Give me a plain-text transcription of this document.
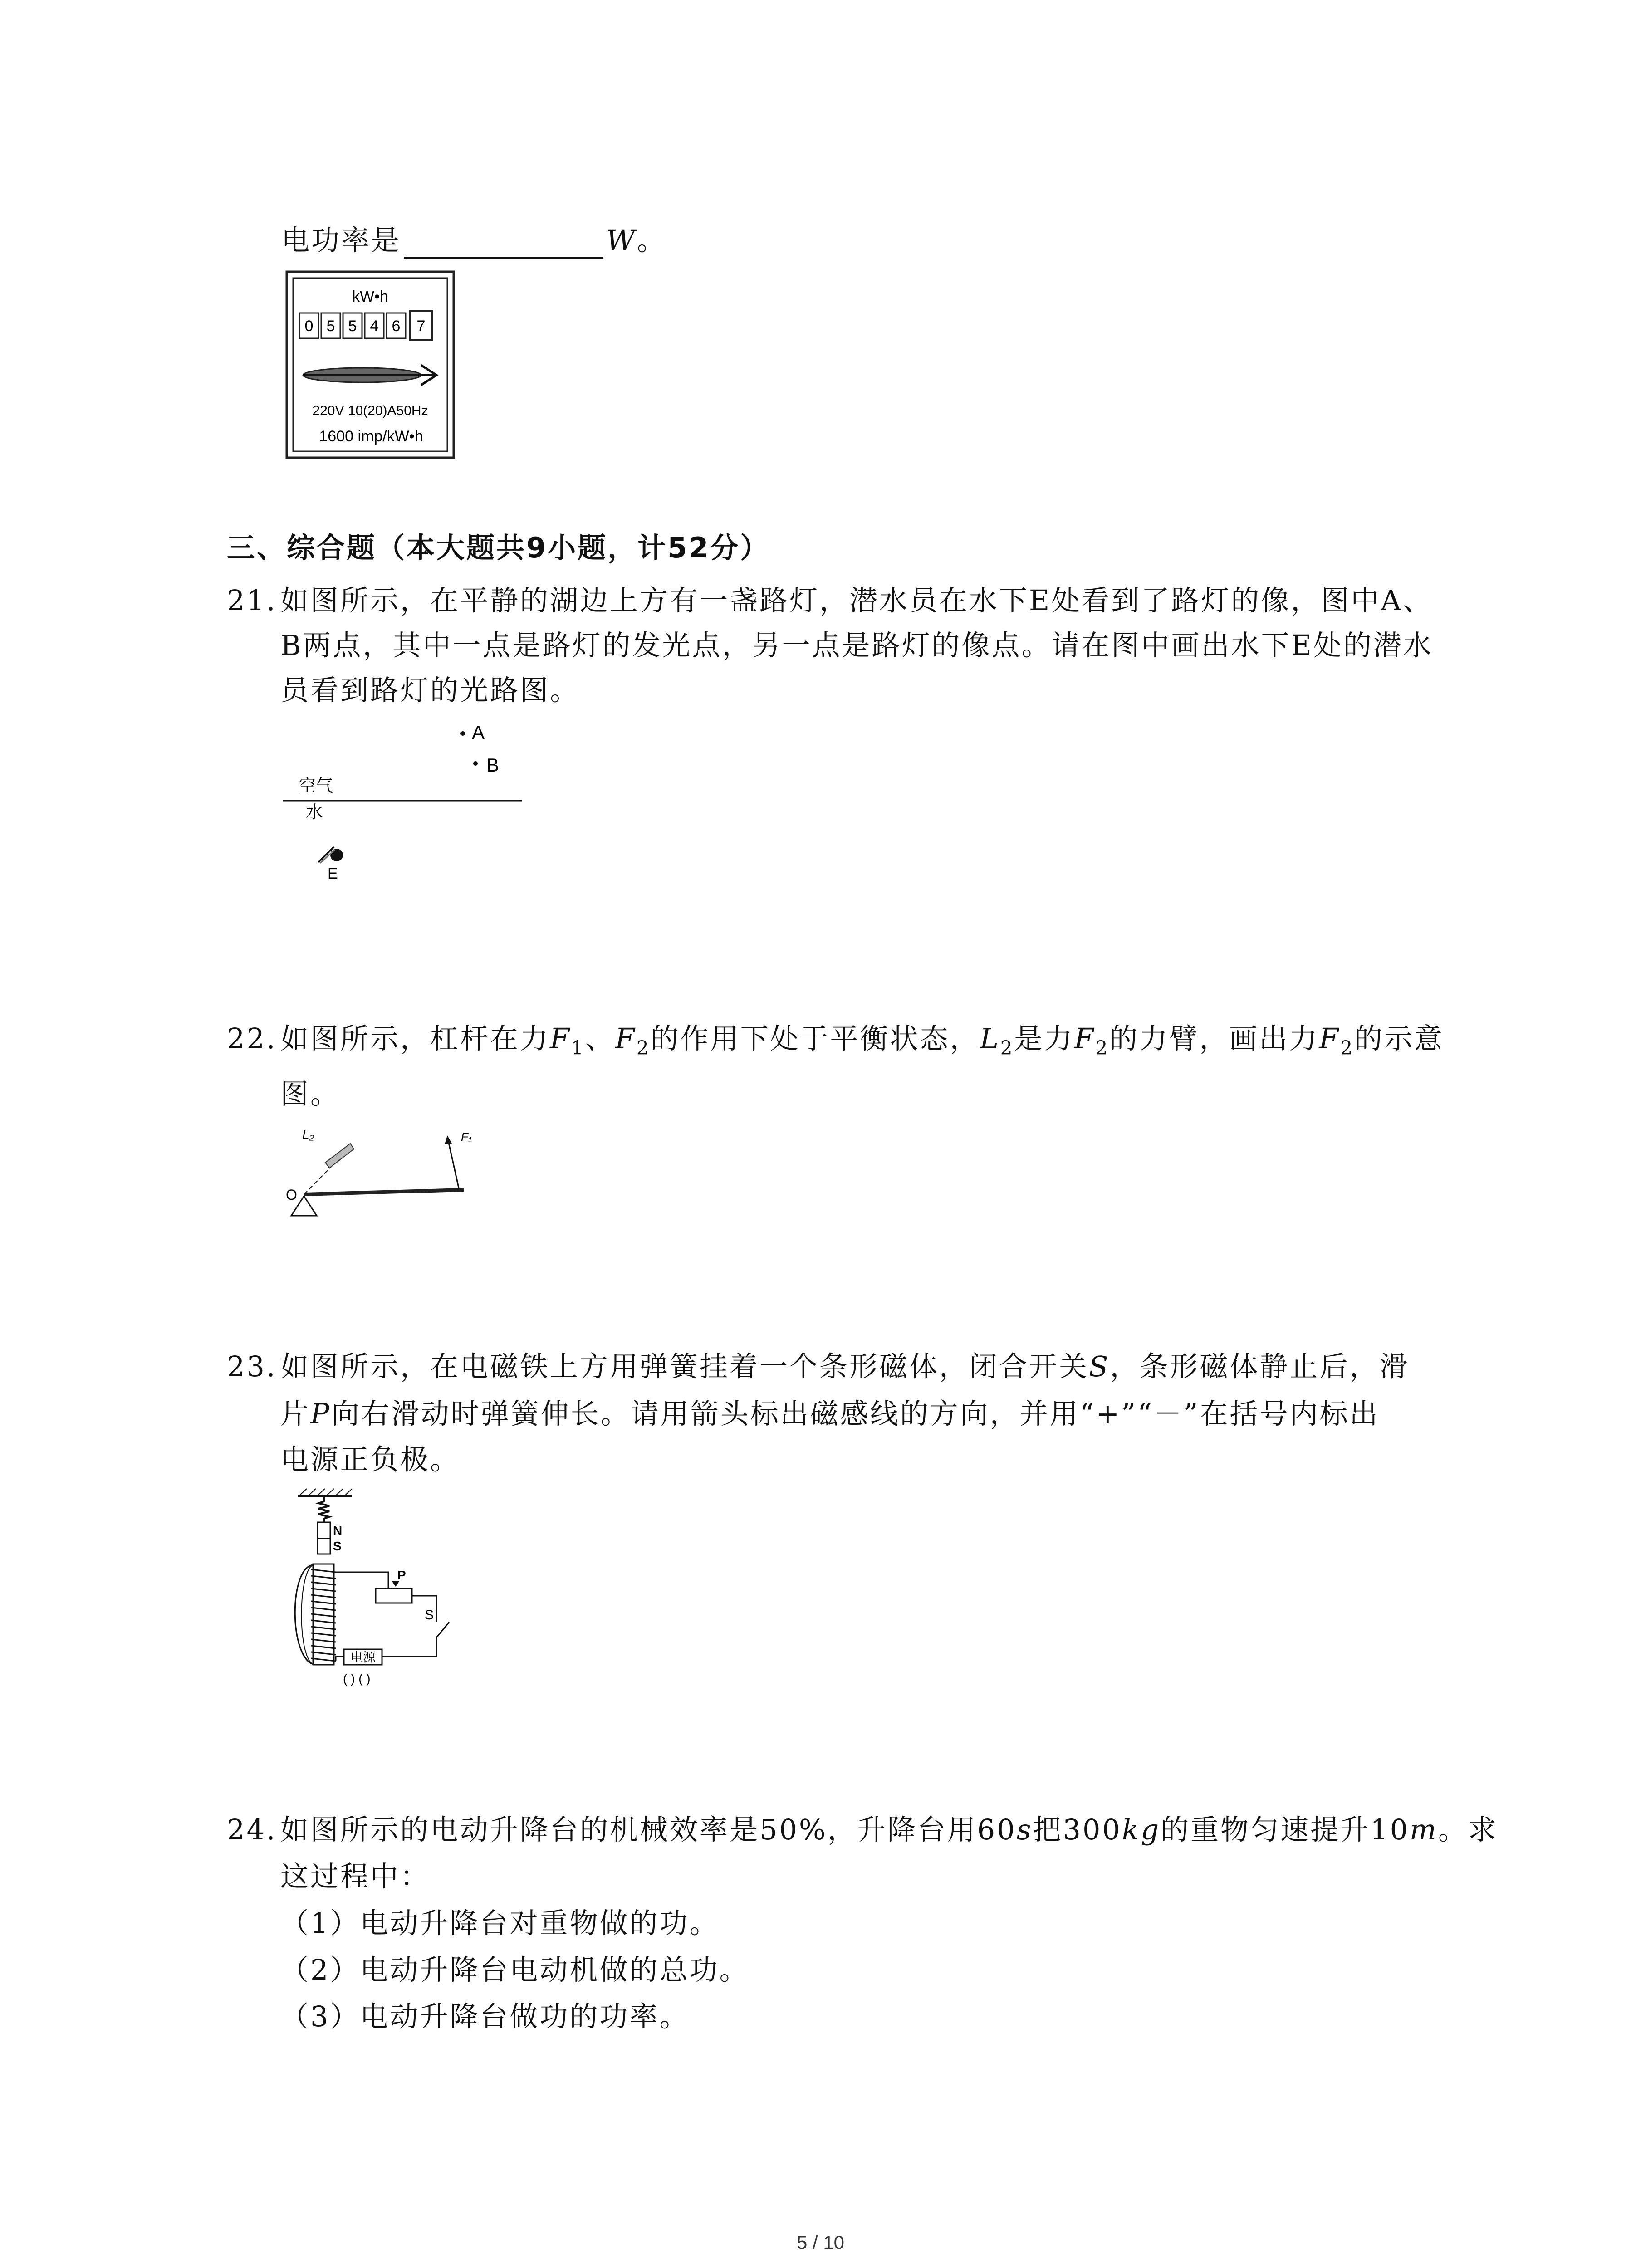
电功率是	W。
kW•h
0 5 5 4 6 7
220V 10(20)A50Hz
1600 imp/kW•h
三、综合题（本大题共9小题，计52分）
21. 如图所示，在平静的湖边上方有一盏路灯，潜水员在水下E处看到了路灯的像，图中A、
B两点，其中一点是路灯的发光点，另一点是路灯的像点。请在图中画出水下E处的潜水
员看到路灯的光路图。
A
B
空气
水
E
22. 如图所示，杠杆在力$F_1$、$F_2$的作用下处于平衡状态，$L_2$是力$F_2$的力臂，画出力$F_2$的示意
图。
L₂	F₁
O
23. 如图所示，在电磁铁上方用弹簧挂着一个条形磁体，闭合开关S，条形磁体静止后，滑
片P向右滑动时弹簧伸长。请用箭头标出磁感线的方向，并用“+”“－”在括号内标出
电源正负极。
N
S
P
S
电源
( ) ( )
24. 如图所示的电动升降台的机械效率是50%，升降台用60s把300kg的重物匀速提升10m。求
这过程中：
（1）电动升降台对重物做的功。
（2）电动升降台电动机做的总功。
（3）电动升降台做功的功率。
5 / 10
